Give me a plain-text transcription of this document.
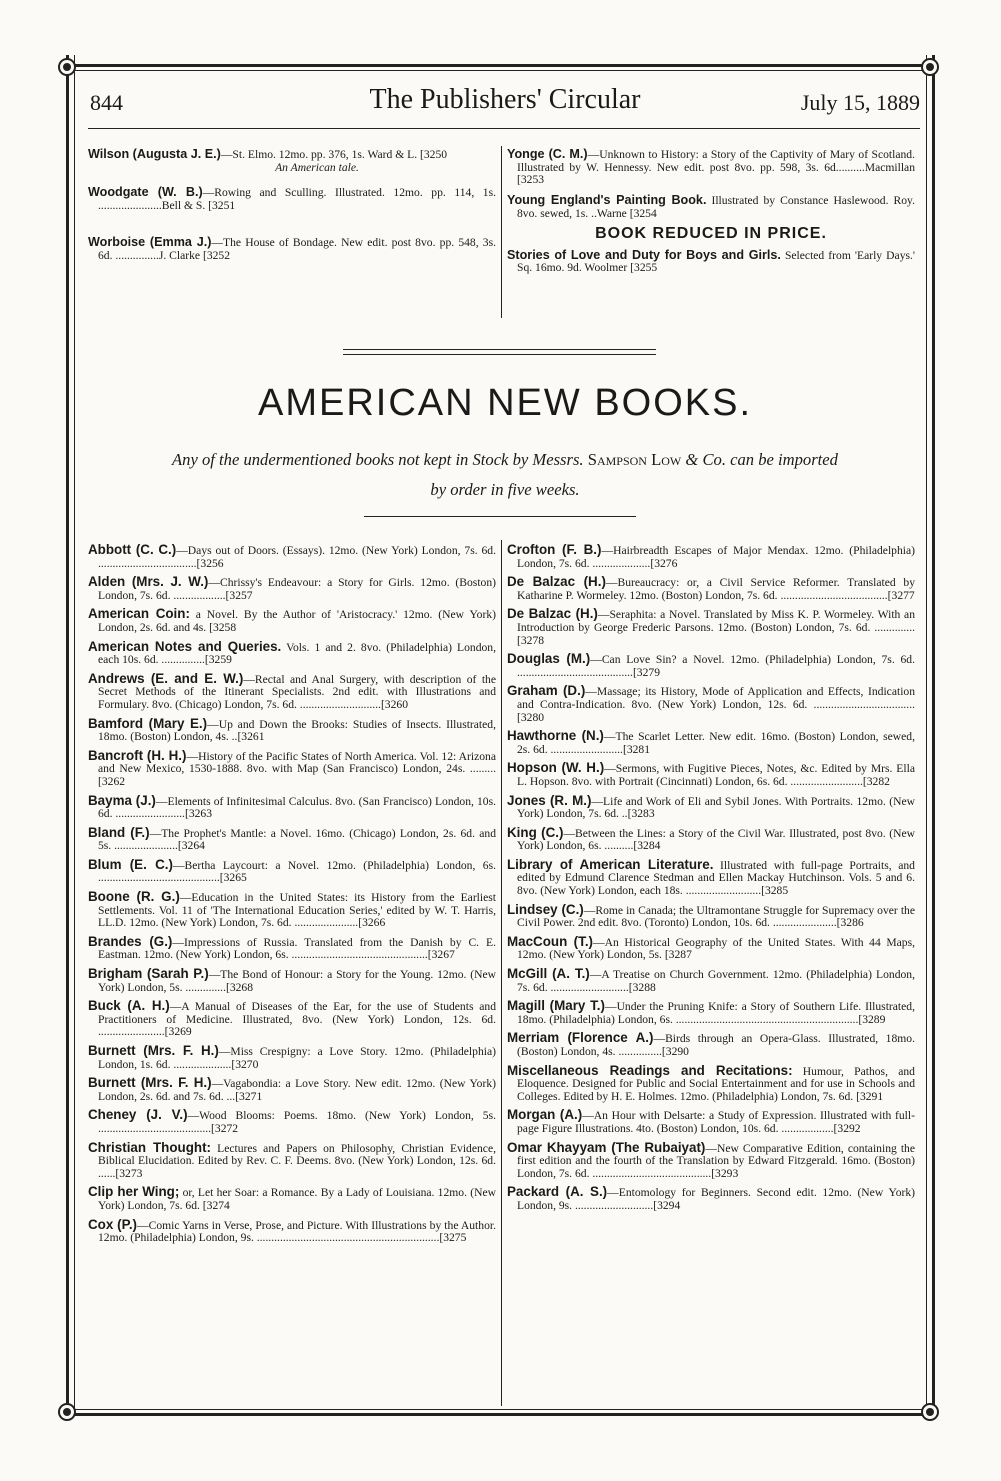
844	The Publishers' Circular	July 15, 1889

Wilson (Augusta J. E.)—St. Elmo. 12mo. pp. 376, 1s. Ward & L. [3250
An American tale.

Woodgate (W. B.)—Rowing and Sculling. Illustrated. 12mo. pp. 114, 1s. ......................Bell & S. [3251

Worboise (Emma J.)—The House of Bondage. New edit. post 8vo. pp. 548, 3s. 6d. ...............J. Clarke [3252

Yonge (C. M.)—Unknown to History: a Story of the Captivity of Mary of Scotland. Illustrated by W. Hennessy. New edit. post 8vo. pp. 598, 3s. 6d..........Macmillan [3253

Young England's Painting Book. Illustrated by Constance Haslewood. Roy. 8vo. sewed, 1s. ..Warne [3254

BOOK REDUCED IN PRICE.

Stories of Love and Duty for Boys and Girls. Selected from 'Early Days.' Sq. 16mo. 9d. Woolmer [3255

AMERICAN NEW BOOKS.
Any of the undermentioned books not kept in Stock by Messrs. Sampson Low & Co. can be imported
by order in five weeks.

Abbott (C. C.)—Days out of Doors. (Essays). 12mo. (New York) London, 7s. 6d. ..................................[3256

Alden (Mrs. J. W.)—Chrissy's Endeavour: a Story for Girls. 12mo. (Boston) London, 7s. 6d. ..................[3257

American Coin: a Novel. By the Author of 'Aristocracy.' 12mo. (New York) London, 2s. 6d. and 4s. [3258

American Notes and Queries. Vols. 1 and 2. 8vo. (Philadelphia) London, each 10s. 6d. ...............[3259

Andrews (E. and E. W.)—Rectal and Anal Surgery, with description of the Secret Methods of the Itinerant Specialists. 2nd edit. with Illustrations and Formulary. 8vo. (Chicago) London, 7s. 6d. ............................[3260

Bamford (Mary E.)—Up and Down the Brooks: Studies of Insects. Illustrated, 18mo. (Boston) London, 4s. ..[3261

Bancroft (H. H.)—History of the Pacific States of North America. Vol. 12: Arizona and New Mexico, 1530-1888. 8vo. with Map (San Francisco) London, 24s. .........[3262

Bayma (J.)—Elements of Infinitesimal Calculus. 8vo. (San Francisco) London, 10s. 6d. ........................[3263

Bland (F.)—The Prophet's Mantle: a Novel. 16mo. (Chicago) London, 2s. 6d. and 5s. ......................[3264

Blum (E. C.)—Bertha Laycourt: a Novel. 12mo. (Philadelphia) London, 6s. ..........................................[3265

Boone (R. G.)—Education in the United States: its History from the Earliest Settlements. Vol. 11 of 'The International Education Series,' edited by W. T. Harris, LL.D. 12mo. (New York) London, 7s. 6d. ......................[3266

Brandes (G.)—Impressions of Russia. Translated from the Danish by C. E. Eastman. 12mo. (New York) London, 6s. ...............................................[3267

Brigham (Sarah P.)—The Bond of Honour: a Story for the Young. 12mo. (New York) London, 5s. ..............[3268

Buck (A. H.)—A Manual of Diseases of the Ear, for the use of Students and Practitioners of Medicine. Illustrated, 8vo. (New York) London, 12s. 6d. .......................[3269

Burnett (Mrs. F. H.)—Miss Crespigny: a Love Story. 12mo. (Philadelphia) London, 1s. 6d. ....................[3270

Burnett (Mrs. F. H.)—Vagabondia: a Love Story. New edit. 12mo. (New York) London, 2s. 6d. and 7s. 6d. ...[3271

Cheney (J. V.)—Wood Blooms: Poems. 18mo. (New York) London, 5s. .......................................[3272

Christian Thought: Lectures and Papers on Philosophy, Christian Evidence, Biblical Elucidation. Edited by Rev. C. F. Deems. 8vo. (New York) London, 12s. 6d. ......[3273

Clip her Wing; or, Let her Soar: a Romance. By a Lady of Louisiana. 12mo. (New York) London, 7s. 6d. [3274

Cox (P.)—Comic Yarns in Verse, Prose, and Picture. With Illustrations by the Author. 12mo. (Philadelphia) London, 9s. ...............................................................[3275

Crofton (F. B.)—Hairbreadth Escapes of Major Mendax. 12mo. (Philadelphia) London, 7s. 6d. ....................[3276

De Balzac (H.)—Bureaucracy: or, a Civil Service Reformer. Translated by Katharine P. Wormeley. 12mo. (Boston) London, 7s. 6d. .....................................[3277

De Balzac (H.)—Seraphita: a Novel. Translated by Miss K. P. Wormeley. With an Introduction by George Frederic Parsons. 12mo. (Boston) London, 7s. 6d. ..............[3278

Douglas (M.)—Can Love Sin? a Novel. 12mo. (Philadelphia) London, 7s. 6d. ........................................[3279

Graham (D.)—Massage; its History, Mode of Application and Effects, Indication and Contra-Indication. 8vo. (New York) London, 12s. 6d. ...................................[3280

Hawthorne (N.)—The Scarlet Letter. New edit. 16mo. (Boston) London, sewed, 2s. 6d. .........................[3281

Hopson (W. H.)—Sermons, with Fugitive Pieces, Notes, &c. Edited by Mrs. Ella L. Hopson. 8vo. with Portrait (Cincinnati) London, 6s. 6d. .........................[3282

Jones (R. M.)—Life and Work of Eli and Sybil Jones. With Portraits. 12mo. (New York) London, 7s. 6d. ..[3283

King (C.)—Between the Lines: a Story of the Civil War. Illustrated, post 8vo. (New York) London, 6s. ..........[3284

Library of American Literature. Illustrated with full-page Portraits, and edited by Edmund Clarence Stedman and Ellen Mackay Hutchinson. Vols. 5 and 6. 8vo. (New York) London, each 18s. ..........................[3285

Lindsey (C.)—Rome in Canada; the Ultramontane Struggle for Supremacy over the Civil Power. 2nd edit. 8vo. (Toronto) London, 10s. 6d. ......................[3286

MacCoun (T.)—An Historical Geography of the United States. With 44 Maps, 12mo. (New York) London, 5s. [3287

McGill (A. T.)—A Treatise on Church Government. 12mo. (Philadelphia) London, 7s. 6d. ...........................[3288

Magill (Mary T.)—Under the Pruning Knife: a Story of Southern Life. Illustrated, 18mo. (Philadelphia) London, 6s. ...............................................................[3289

Merriam (Florence A.)—Birds through an Opera-Glass. Illustrated, 18mo. (Boston) London, 4s. ...............[3290

Miscellaneous Readings and Recitations: Humour, Pathos, and Eloquence. Designed for Public and Social Entertainment and for use in Schools and Colleges. Edited by H. E. Holmes. 12mo. (Philadelphia) London, 7s. 6d. [3291

Morgan (A.)—An Hour with Delsarte: a Study of Expression. Illustrated with full-page Figure Illustrations. 4to. (Boston) London, 10s. 6d. ..................[3292

Omar Khayyam (The Rubaiyat)—New Comparative Edition, containing the first edition and the fourth of the Translation by Edward Fitzgerald. 16mo. (Boston) London, 7s. 6d. .........................................[3293

Packard (A. S.)—Entomology for Beginners. Second edit. 12mo. (New York) London, 9s. ...........................[3294
